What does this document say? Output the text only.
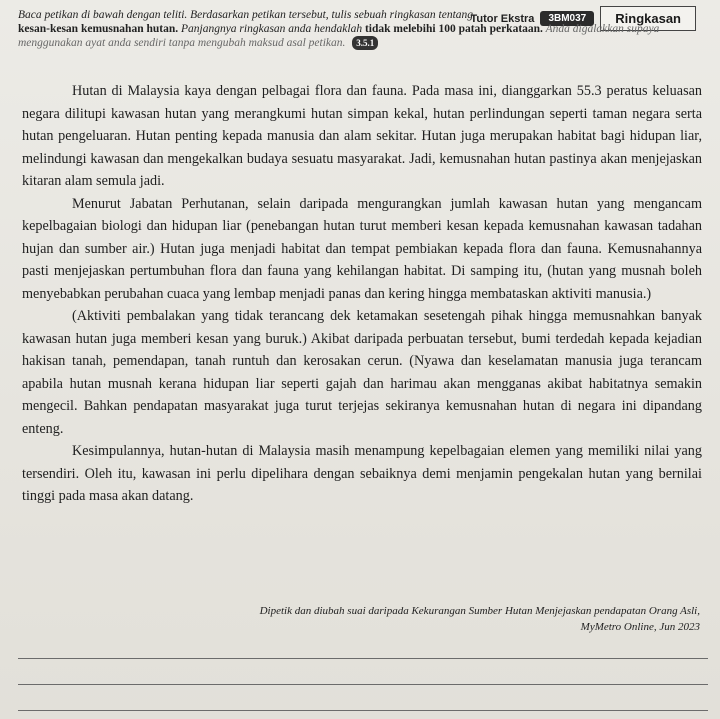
Tutor Ekstra	3BM037	Ringkasan
Baca petikan di bawah dengan teliti. Berdasarkan petikan tersebut, tulis sebuah ringkasan tentang
kesan-kesan kemusnahan hutan. Panjangnya ringkasan anda hendaklah tidak melebihi 100 patah perkataan. Anda digalakkan supaya menggunakan ayat anda sendiri tanpa mengubah maksud asal petikan. 3.5.1

Hutan di Malaysia kaya dengan pelbagai flora dan fauna. Pada masa ini, dianggarkan 55.3 peratus keluasan negara dilitupi kawasan hutan yang merangkumi hutan simpan kekal, hutan perlindungan seperti taman negara serta hutan pengeluaran. Hutan penting kepada manusia dan alam sekitar. Hutan juga merupakan habitat bagi hidupan liar, melindungi kawasan dan mengekalkan budaya sesuatu masyarakat. Jadi, kemusnahan hutan pastinya akan menjejaskan kitaran alam semula jadi.

Menurut Jabatan Perhutanan, selain daripada mengurangkan jumlah kawasan hutan yang mengancam kepelbagaian biologi dan hidupan liar (penebangan hutan turut memberi kesan kepada kemusnahan kawasan tadahan hujan dan sumber air.) Hutan juga menjadi habitat dan tempat pembiakan kepada flora dan fauna. Kemusnahannya pasti menjejaskan pertumbuhan flora dan fauna yang kehilangan habitat. Di samping itu, (hutan yang musnah boleh menyebabkan perubahan cuaca yang lembap menjadi panas dan kering hingga membataskan aktiviti manusia.)

(Aktiviti pembalakan yang tidak terancang dek ketamakan sesetengah pihak hingga memusnahkan banyak kawasan hutan juga memberi kesan yang buruk.) Akibat daripada perbuatan tersebut, bumi terdedah kepada kejadian hakisan tanah, pemendapan, tanah runtuh dan kerosakan cerun. (Nyawa dan keselamatan manusia juga terancam apabila hutan musnah kerana hidupan liar seperti gajah dan harimau akan mengganas akibat habitatnya semakin mengecil. Bahkan pendapatan masyarakat juga turut terjejas sekiranya kemusnahan hutan di negara ini dipandang enteng.

Kesimpulannya, hutan-hutan di Malaysia masih menampung kepelbagaian elemen yang memiliki nilai yang tersendiri. Oleh itu, kawasan ini perlu dipelihara dengan sebaiknya demi menjamin pengekalan hutan yang bernilai tinggi pada masa akan datang.

Dipetik dan diubah suai daripada Kekurangan Sumber Hutan Menjejaskan pendapatan Orang Asli,
MyMetro Online, Jun 2023
